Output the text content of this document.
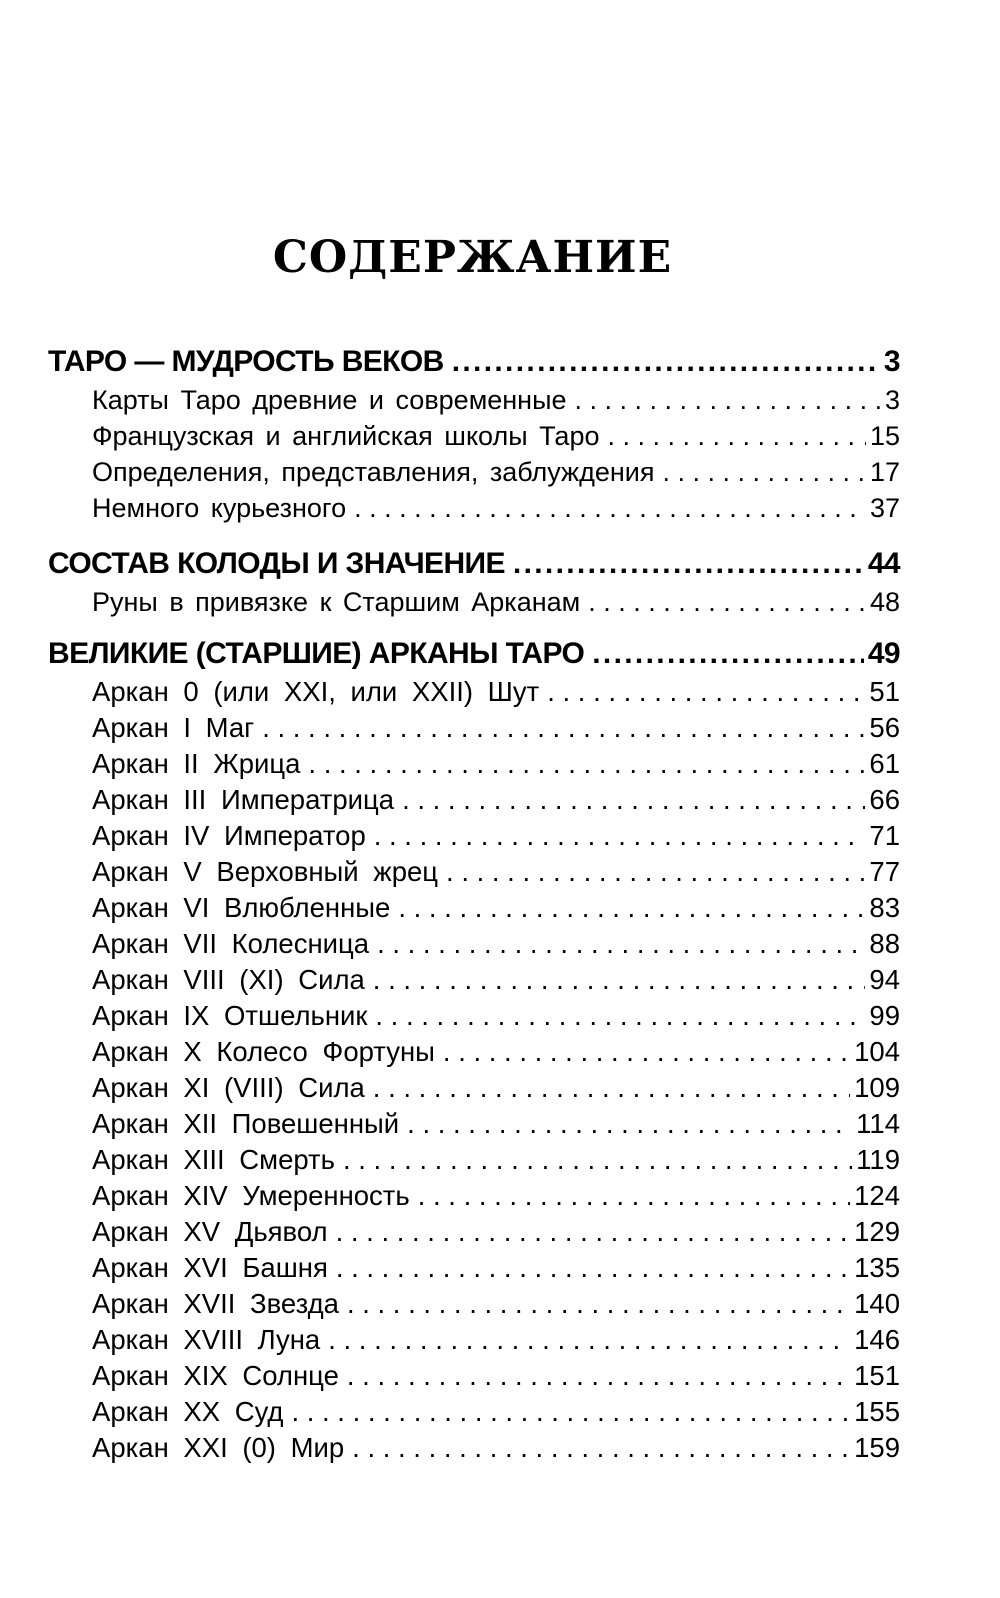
СОДЕРЖАНИЕ
ТАРО — МУДРОСТЬ ВЕКОВ . . .	3
Карты Таро древние и современные . . .	3
Французская и английская школы Таро . . .	15
Определения, представления, заблуждения . . .	17
Немного курьезного . . .	37
СОСТАВ КОЛОДЫ И ЗНАЧЕНИЕ . . .	44
Руны в привязке к Старшим Арканам . . .	48
ВЕЛИКИЕ (СТАРШИЕ) АРКАНЫ ТАРО . . .	49
Аркан 0 (или XXI, или XXII) Шут . . .	51
Аркан I Маг . . .	56
Аркан II Жрица . . .	61
Аркан III Императрица . . .	66
Аркан IV Император . . .	71
Аркан V Верховный жрец . . .	77
Аркан VI Влюбленные . . .	83
Аркан VII Колесница . . .	88
Аркан VIII (XI) Сила . . .	94
Аркан IX Отшельник . . .	99
Аркан X Колесо Фортуны . . .	104
Аркан XI (VIII) Сила . . .	109
Аркан XII Повешенный . . .	114
Аркан XIII Смерть . . .	119
Аркан XIV Умеренность . . .	124
Аркан XV Дьявол . . .	129
Аркан XVI Башня . . .	135
Аркан XVII Звезда . . .	140
Аркан XVIII Луна . . .	146
Аркан XIX Солнце . . .	151
Аркан XX Суд . . .	155
Аркан XXI (0) Мир . . .	159
